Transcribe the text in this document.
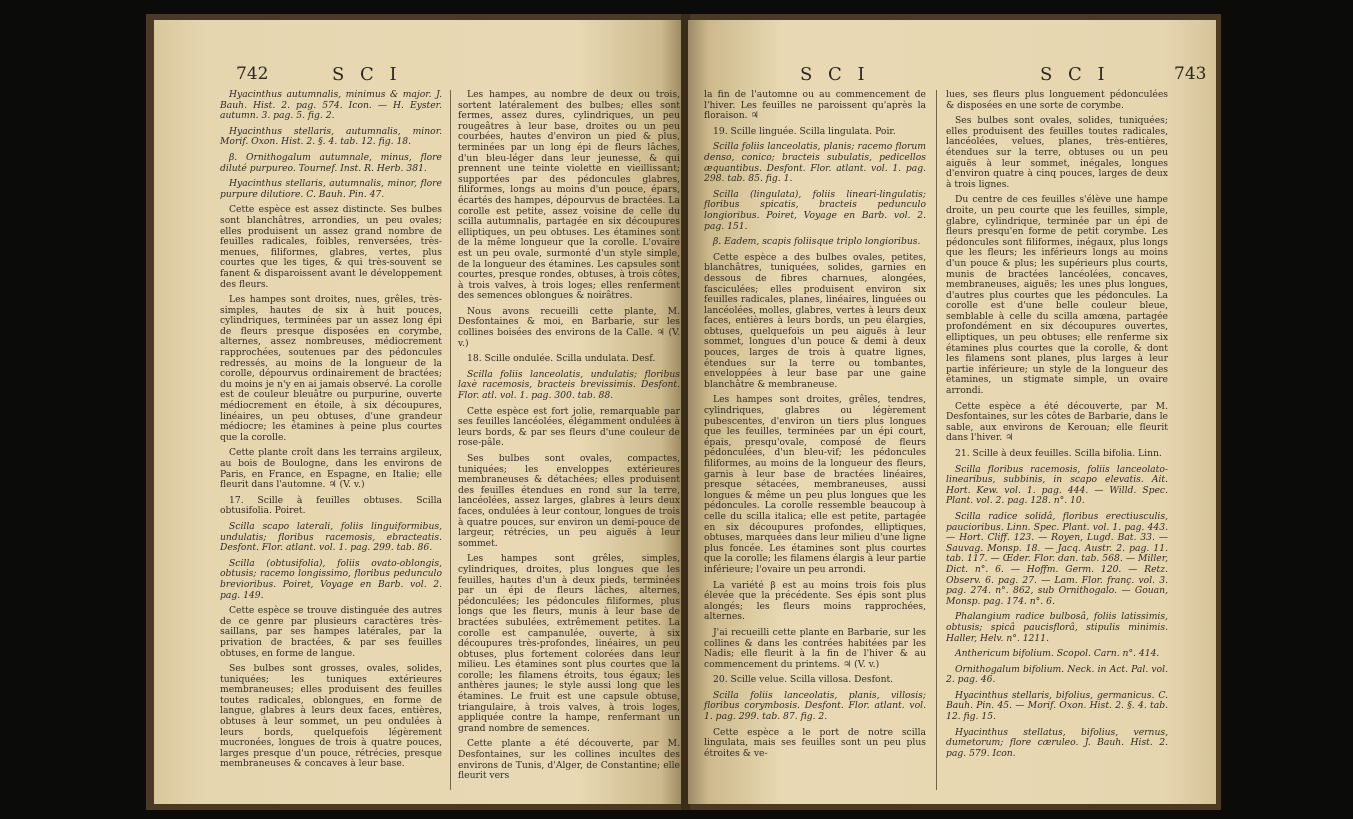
742	S C I

Hyacinthus autumnalis, minimus & major. J. Bauh. Hist. 2. pag. 574. Icon. — H. Eyster. autumn. 3. pag. 5. fig. 2.

Hyacinthus stellaris, autumnalis, minor. Morif. Oxon. Hist. 2. §. 4. tab. 12. fig. 18.

β. Ornithogalum autumnale, minus, flore diluté purpureo. Tournef. Inst. R. Herb. 381.

Hyacinthus stellaris, autumnalis, minor, flore purpure dilutiore. C. Bauh. Pin. 47.

Cette espèce est assez distincte. Ses bulbes sont blanchâtres, arrondies, un peu ovales; elles produisent un assez grand nombre de feuilles radicales, foibles, renversées, très-menues, filiformes, glabres, vertes, plus courtes que les tiges, & qui très-souvent se fanent & disparoissent avant le développement des fleurs.

Les hampes sont droites, nues, grêles, très-simples, hautes de six à huit pouces, cylindriques, terminées par un assez long épi de fleurs presque disposées en corymbe, alternes, assez nombreuses, médiocrement rapprochées, soutenues par des pédoncules redressés, au moins de la longueur de la corolle, dépourvus ordinairement de bractées; du moins je n'y en ai jamais observé. La corolle est de couleur bleuâtre ou purpurine, ouverte médiocrement en étoile, à six découpures, linéaires, un peu obtuses, d'une grandeur médiocre; les étamines à peine plus courtes que la corolle.

Cette plante croît dans les terrains argileux, au bois de Boulogne, dans les environs de Paris, en France, en Espagne, en Italie; elle fleurit dans l'automne. ♃ (V. v.)

17. Scille à feuilles obtuses. Scilla obtusifolia. Poiret.

Scilla scapo laterali, foliis linguiformibus, undulatis; floribus racemosis, ebracteatis. Desfont. Flor. atlant. vol. 1. pag. 299. tab. 86.

Scilla (obtusifolia), foliis ovato-oblongis, obtusis; racemo longissimo, floribus pedunculo brevioribus. Poiret, Voyage en Barb. vol. 2. pag. 149.

Cette espèce se trouve distinguée des autres de ce genre par plusieurs caractères très-saillans, par ses hampes latérales, par la privation de bractées, & par ses feuilles obtuses, en forme de langue.

Ses bulbes sont grosses, ovales, solides, tuniquées; les tuniques extérieures membraneuses; elles produisent des feuilles toutes radicales, oblongues, en forme de langue, glabres à leurs deux faces, entières, obtuses à leur sommet, un peu ondulées à leurs bords, quelquefois légèrement mucronées, longues de trois à quatre pouces, larges presque d'un pouce, rétrécies, presque membraneuses & concaves à leur base.

Les hampes, au nombre de deux ou trois, sortent latéralement des bulbes; elles sont fermes, assez dures, cylindriques, un peu rougeâtres à leur base, droites ou un peu courbées, hautes d'environ un pied & plus, terminées par un long épi de fleurs lâches, d'un bleu-léger dans leur jeunesse, & qui prennent une teinte violette en vieillissant; supportées par des pédoncules glabres, filiformes, longs au moins d'un pouce, épars, écartés des hampes, dépourvus de bractées. La corolle est petite, assez voisine de celle du scilla autumnalis, partagée en six découpures elliptiques, un peu obtuses. Les étamines sont de la même longueur que la corolle. L'ovaire est un peu ovale, surmonté d'un style simple, de la longueur des étamines. Les capsules sont courtes, presque rondes, obtuses, à trois côtes, à trois valves, à trois loges; elles renferment des semences oblongues & noirâtres.

Nous avons recueilli cette plante, M. Desfontaines & moi, en Barbarie, sur les collines boisées des environs de la Calle. ♃ (V. v.)

18. Scille ondulée. Scilla undulata. Desf.

Scilla foliis lanceolatis, undulatis; floribus laxè racemosis, bracteis brevissimis. Desfont. Flor. atl. vol. 1. pag. 300. tab. 88.

Cette espèce est fort jolie, remarquable par ses feuilles lancéolées, élégamment ondulées à leurs bords, & par ses fleurs d'une couleur de rose-pâle.

Ses bulbes sont ovales, compactes, tuniquées; les enveloppes extérieures membraneuses & détachées; elles produisent des feuilles étendues en rond sur la terre, lancéolées, assez larges, glabres à leurs deux faces, ondulées à leur contour, longues de trois à quatre pouces, sur environ un demi-pouce de largeur, rétrécies, un peu aiguës à leur sommet.

Les hampes sont grêles, simples, cylindriques, droites, plus longues que les feuilles, hautes d'un à deux pieds, terminées par un épi de fleurs lâches, alternes, pédonculées; les pédoncules filiformes, plus longs que les fleurs, munis à leur base de bractées subulées, extrêmement petites. La corolle est campanulée, ouverte, à six découpures très-profondes, linéaires, un peu obtuses, plus fortement colorées dans leur milieu. Les étamines sont plus courtes que la corolle; les filamens étroits, tous égaux; les anthères jaunes; le style aussi long que les étamines. Le fruit est une capsule obtuse, triangulaire, à trois valves, à trois loges, appliquée contre la hampe, renfermant un grand nombre de semences.

Cette plante a été découverte, par M. Desfontaines, sur les collines incultes des environs de Tunis, d'Alger, de Constantine; elle fleurit vers

S C I	S C I	743

la fin de l'automne ou au commencement de l'hiver. Les feuilles ne paroissent qu'après la floraison. ♃

19. Scille linguée. Scilla lingulata. Poir.

Scilla foliis lanceolatis, planis; racemo florum denso, conico; bracteis subulatis, pedicellos æquantibus. Desfont. Flor. atlant. vol. 1. pag. 298. tab. 85. fig. 1.

Scilla (lingulata), foliis lineari-lingulatis; floribus spicatis, bracteis pedunculo longioribus. Poiret, Voyage en Barb. vol. 2. pag. 151.

β. Eadem, scapis foliisque triplo longioribus.

Cette espèce a des bulbes ovales, petites, blanchâtres, tuniquées, solides, garnies en dessous de fibres charnues, alongées, fasciculées; elles produisent environ six feuilles radicales, planes, linéaires, linguées ou lancéolées, molles, glabres, vertes à leurs deux faces, entières à leurs bords, un peu élargies, obtuses, quelquefois un peu aiguës à leur sommet, longues d'un pouce & demi à deux pouces, larges de trois à quatre lignes, étendues sur la terre ou tombantes, enveloppées à leur base par une gaine blanchâtre & membraneuse.

Les hampes sont droites, grêles, tendres, cylindriques, glabres ou légèrement pubescentes, d'environ un tiers plus longues que les feuilles, terminées par un épi court, épais, presqu'ovale, composé de fleurs pédonculées, d'un bleu-vif; les pédoncules filiformes, au moins de la longueur des fleurs, garnis à leur base de bractées linéaires, presque sétacées, membraneuses, aussi longues & même un peu plus longues que les pédoncules. La corolle ressemble beaucoup à celle du scilla italica; elle est petite, partagée en six découpures profondes, elliptiques, obtuses, marquées dans leur milieu d'une ligne plus foncée. Les étamines sont plus courtes que la corolle; les filamens élargis à leur partie inférieure; l'ovaire un peu arrondi.

La variété β est au moins trois fois plus élevée que la précédente. Ses épis sont plus alongés; les fleurs moins rapprochées, alternes.

J'ai recueilli cette plante en Barbarie, sur les collines & dans les contrées habitées par les Nadis; elle fleurit à la fin de l'hiver & au commencement du printems. ♃ (V. v.)

20. Scille velue. Scilla villosa. Desfont.

Scilla foliis lanceolatis, planis, villosis; floribus corymbosis. Desfont. Flor. atlant. vol. 1. pag. 299. tab. 87. fig. 2.

Cette espèce a le port de notre scilla lingulata, mais ses feuilles sont un peu plus étroites & ve-

lues, ses fleurs plus longuement pédonculées & disposées en une sorte de corymbe.

Ses bulbes sont ovales, solides, tuniquées; elles produisent des feuilles toutes radicales, lancéolées, velues, planes, très-entières, étendues sur la terre, obtuses ou un peu aiguës à leur sommet, inégales, longues d'environ quatre à cinq pouces, larges de deux à trois lignes.

Du centre de ces feuilles s'élève une hampe droite, un peu courte que les feuilles, simple, glabre, cylindrique, terminée par un épi de fleurs presqu'en forme de petit corymbe. Les pédoncules sont filiformes, inégaux, plus longs que les fleurs; les inférieurs longs au moins d'un pouce & plus; les supérieurs plus courts, munis de bractées lancéolées, concaves, membraneuses, aiguës; les unes plus longues, d'autres plus courtes que les pédoncules. La corolle est d'une belle couleur bleue, semblable à celle du scilla amœna, partagée profondément en six découpures ouvertes, elliptiques, un peu obtuses; elle renferme six étamines plus courtes que la corolle, & dont les filamens sont planes, plus larges à leur partie inférieure; un style de la longueur des étamines, un stigmate simple, un ovaire arrondi.

Cette espèce a été découverte, par M. Desfontaines, sur les côtes de Barbarie, dans le sable, aux environs de Kerouan; elle fleurit dans l'hiver. ♃

21. Scille à deux feuilles. Scilla bifolia. Linn.

Scilla floribus racemosis, foliis lanceolato-linearibus, subbinis, in scapo elevatis. Ait. Hort. Kew. vol. 1. pag. 444. — Willd. Spec. Plant. vol. 2. pag. 128. n°. 10.

Scilla radice solidâ, floribus erectiusculis, paucioribus. Linn. Spec. Plant. vol. 1. pag. 443. — Hort. Cliff. 123. — Royen, Lugd. Bat. 33. — Sauvag. Monsp. 18. — Jacq. Austr. 2. pag. 11. tab. 117. — Œder. Flor. dan. tab. 568. — Miller, Dict. n°. 6. — Hoffm. Germ. 120. — Retz. Observ. 6. pag. 27. — Lam. Flor. franç. vol. 3. pag. 274. n°. 862, sub Ornithogalo. — Gouan, Monsp. pag. 174. n°. 6.

Phalangium radice bulbosâ, foliis latissimis, obtusis; spicâ paucisflorâ, stipulis minimis. Haller, Helv. n°. 1211.

Anthericum bifolium. Scopol. Carn. n°. 414.

Ornithogalum bifolium. Neck. in Act. Pal. vol. 2. pag. 46.

Hyacinthus stellaris, bifolius, germanicus. C. Bauh. Pin. 45. — Morif. Oxon. Hist. 2. §. 4. tab. 12. fig. 15.

Hyacinthus stellatus, bifolius, vernus, dumetorum; flore cæruleo. J. Bauh. Hist. 2. pag. 579. Icon.
